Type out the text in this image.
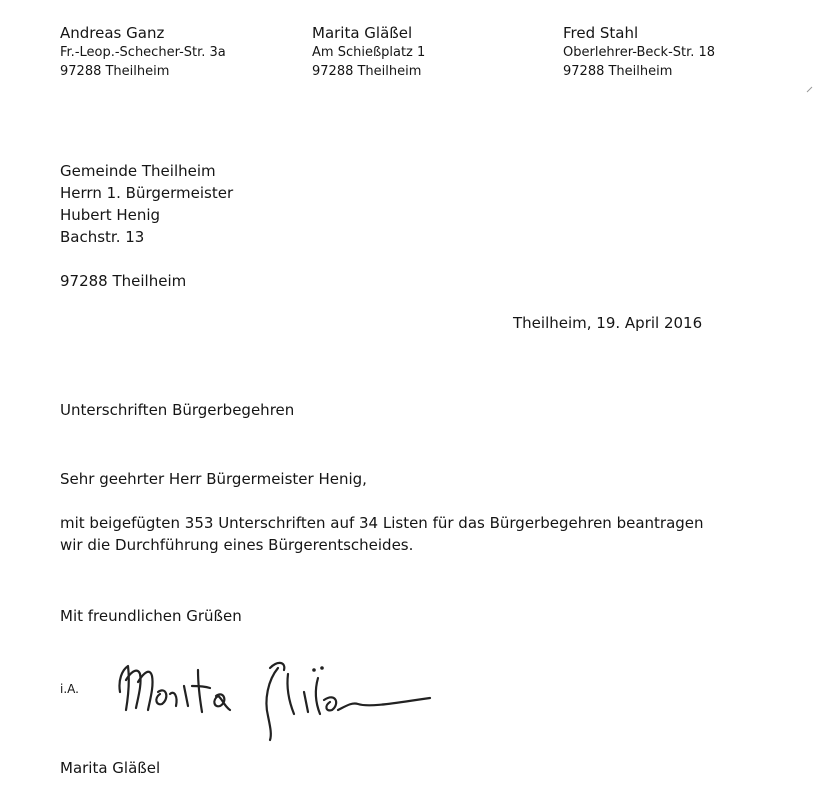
Andreas Ganz
Fr.-Leop.-Schecher-Str. 3a
97288 Theilheim
Marita Gläßel
Am Schießplatz 1
97288 Theilheim
Fred Stahl
Oberlehrer-Beck-Str. 18
97288 Theilheim
Gemeinde Theilheim
Herrn 1. Bürgermeister
Hubert Henig
Bachstr. 13
97288 Theilheim
Theilheim, 19. April 2016
Unterschriften Bürgerbegehren
Sehr geehrter Herr Bürgermeister Henig,
mit beigefügten 353 Unterschriften auf 34 Listen für das Bürgerbegehren beantragen
wir die Durchführung eines Bürgerentscheides.
Mit freundlichen Grüßen
i.A.
Marita Gläßel
